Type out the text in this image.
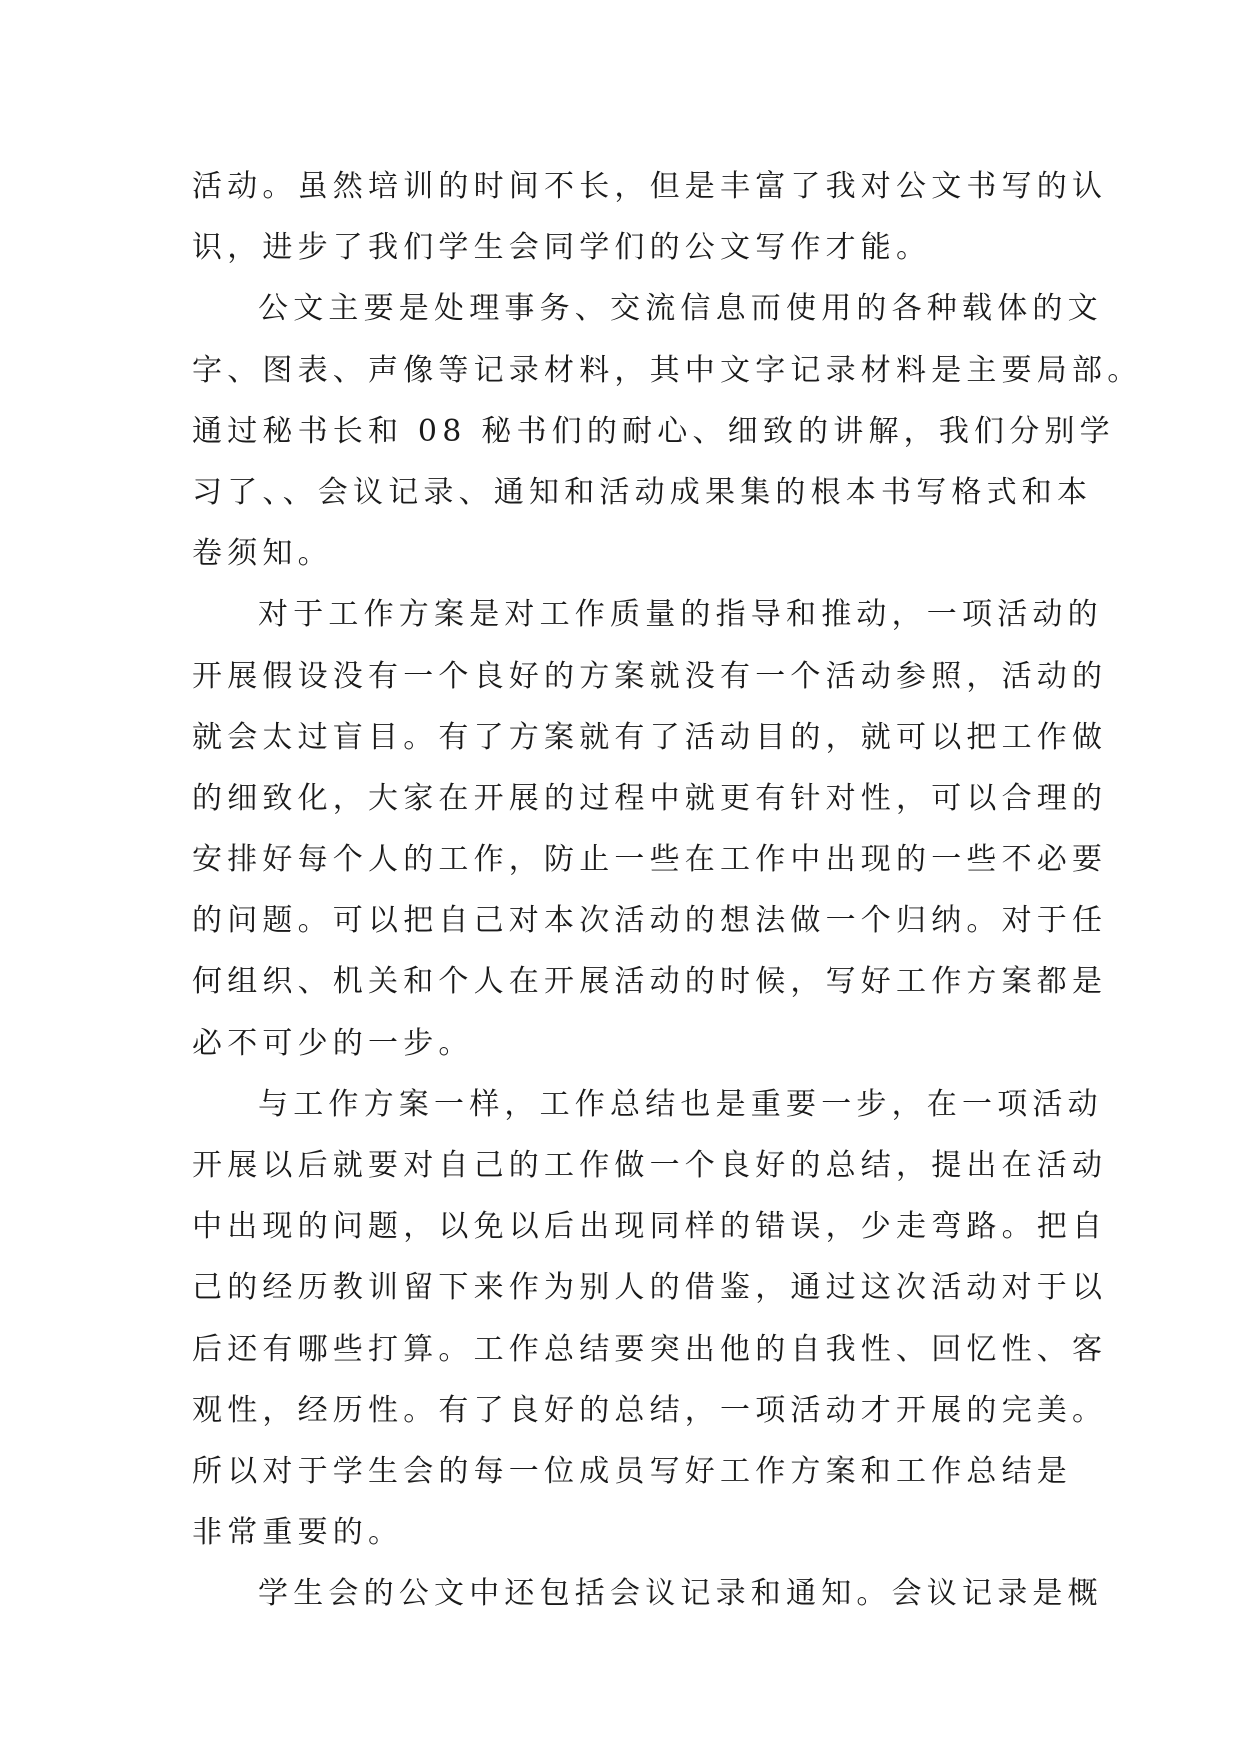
活动。虽然培训的时间不长，但是丰富了我对公文书写的认
识，进步了我们学生会同学们的公文写作才能。
公文主要是处理事务、交流信息而使用的各种载体的文
字、图表、声像等记录材料，其中文字记录材料是主要局部。
通过秘书长和 08 秘书们的耐心、细致的讲解，我们分别学
习了、、会议记录、通知和活动成果集的根本书写格式和本
卷须知。
对于工作方案是对工作质量的指导和推动，一项活动的
开展假设没有一个良好的方案就没有一个活动参照，活动的
就会太过盲目。有了方案就有了活动目的，就可以把工作做
的细致化，大家在开展的过程中就更有针对性，可以合理的
安排好每个人的工作，防止一些在工作中出现的一些不必要
的问题。可以把自己对本次活动的想法做一个归纳。对于任
何组织、机关和个人在开展活动的时候，写好工作方案都是
必不可少的一步。
与工作方案一样，工作总结也是重要一步，在一项活动
开展以后就要对自己的工作做一个良好的总结，提出在活动
中出现的问题，以免以后出现同样的错误，少走弯路。把自
己的经历教训留下来作为别人的借鉴，通过这次活动对于以
后还有哪些打算。工作总结要突出他的自我性、回忆性、客
观性，经历性。有了良好的总结，一项活动才开展的完美。
所以对于学生会的每一位成员写好工作方案和工作总结是
非常重要的。
学生会的公文中还包括会议记录和通知。会议记录是概
